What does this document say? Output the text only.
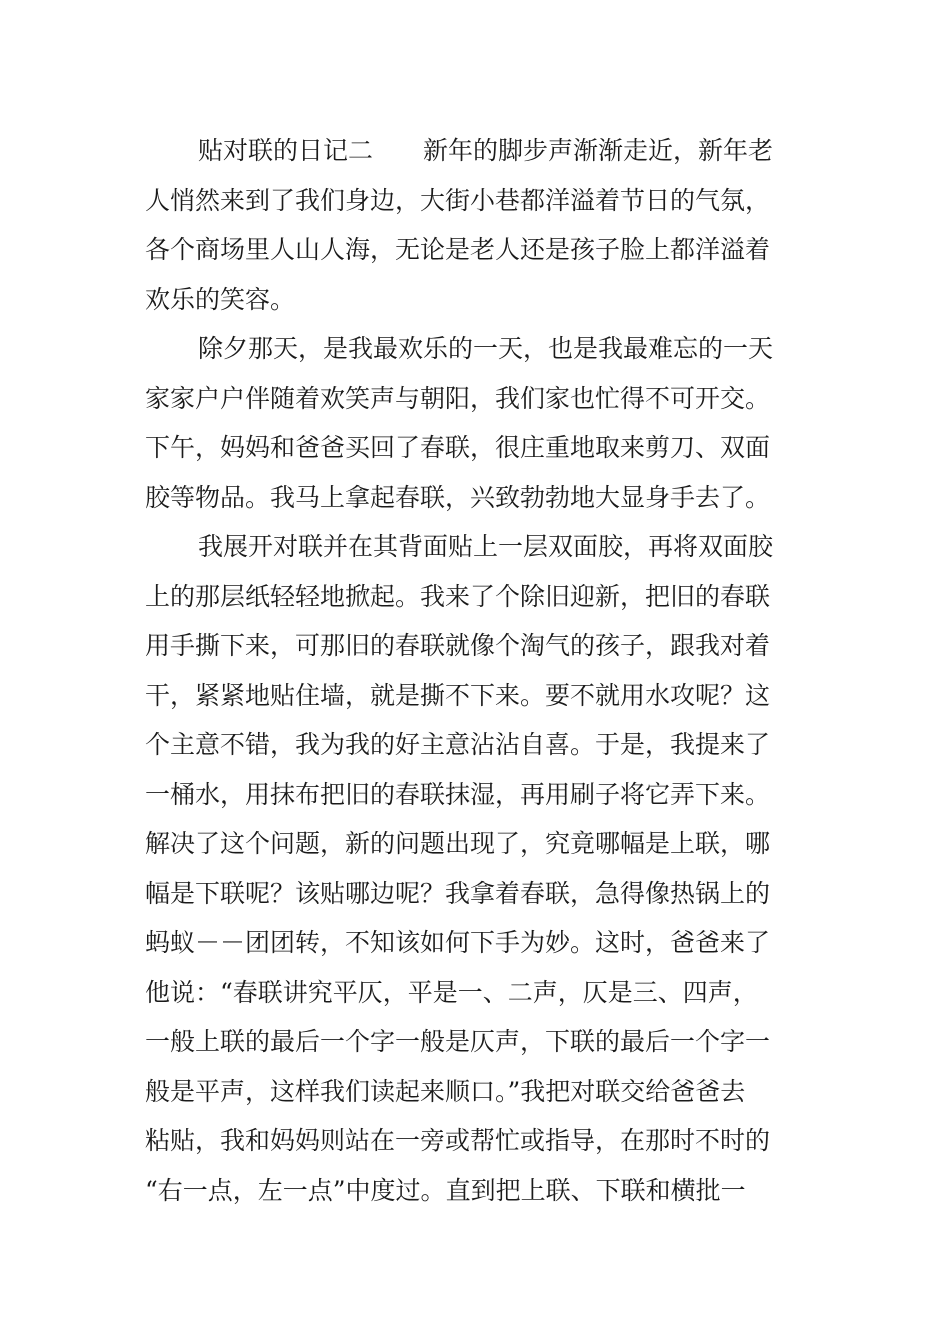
贴对联的日记二　　新年的脚步声渐渐走近，新年老
人悄然来到了我们身边，大街小巷都洋溢着节日的气氛，
各个商场里人山人海，无论是老人还是孩子脸上都洋溢着
欢乐的笑容。
除夕那天，是我最欢乐的一天，也是我最难忘的一天
家家户户伴随着欢笑声与朝阳，我们家也忙得不可开交。
下午，妈妈和爸爸买回了春联，很庄重地取来剪刀、双面
胶等物品。我马上拿起春联，兴致勃勃地大显身手去了。
我展开对联并在其背面贴上一层双面胶，再将双面胶
上的那层纸轻轻地掀起。我来了个除旧迎新，把旧的春联
用手撕下来，可那旧的春联就像个淘气的孩子，跟我对着
干，紧紧地贴住墙，就是撕不下来。要不就用水攻呢？这
个主意不错，我为我的好主意沾沾自喜。于是，我提来了
一桶水，用抹布把旧的春联抹湿，再用刷子将它弄下来。
解决了这个问题，新的问题出现了，究竟哪幅是上联，哪
幅是下联呢？该贴哪边呢？我拿着春联，急得像热锅上的
蚂蚁－－团团转，不知该如何下手为妙。这时，爸爸来了
他说：“春联讲究平仄，平是一、二声，仄是三、四声，
一般上联的最后一个字一般是仄声，下联的最后一个字一
般是平声，这样我们读起来顺口。”我把对联交给爸爸去
粘贴，我和妈妈则站在一旁或帮忙或指导，在那时不时的
“右一点，左一点”中度过。直到把上联、下联和横批一
